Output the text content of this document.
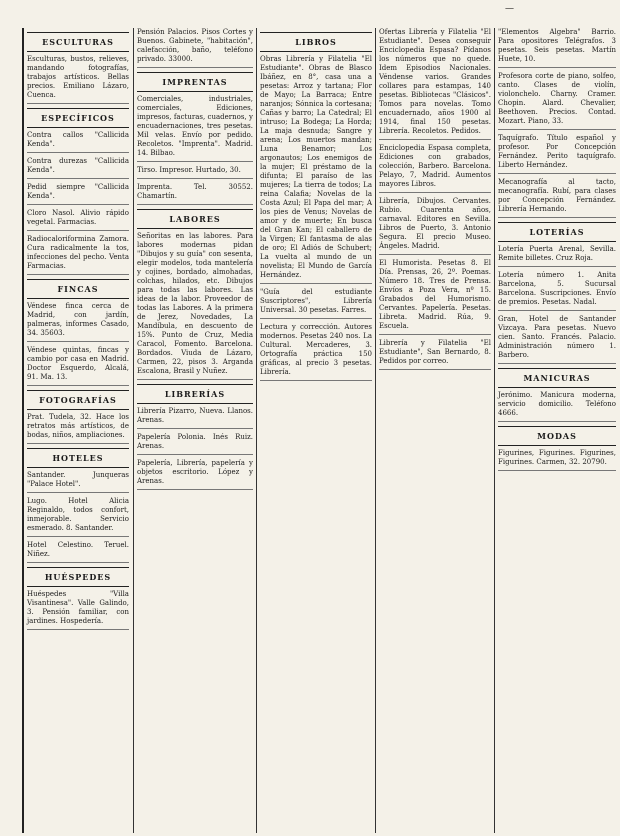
—
ESCULTURAS
Esculturas, bustos, relieves, mandando fotografías, trabajos artísticos. Bellas precios. Emiliano Lázaro, Cuenca.
ESPECÍFICOS
Contra callos "Callicida Kenda".
Contra durezas "Callicida Kenda".
Pedid siempre "Callicida Kenda".
Cloro Nasol. Alivio rápido vegetal. Farmacias.
Radiocaloriformina Zamora. Cura radicalmente la tos, infecciones del pecho. Venta Farmacias.
FINCAS
Véndese finca cerca de Madrid, con jardín, palmeras, informes Casado, 34. 35603.
Véndese quintas, fincas y cambio por casa en Madrid. Doctor Esquerdo, Alcalá, 91. Ma. 13.
FOTOGRAFÍAS
Prat. Tudela, 32. Hace los retratos más artísticos, de bodas, niños, ampliaciones.
HOTELES
Santander. Junqueras "Palace Hotel".
Lugo. Hotel Alicia Reginaldo, todos confort, inmejorable. Servicio esmerado. 8. Santander.
Hotel Celestino. Teruel. Niñez.
HUÉSPEDES
Huéspedes "Villa Visantinesa". Valle Galindo, 3. Pensión familiar, con jardines. Hospedería.
Pensión Palacios. Pisos Cortes y Buenos. Gabinete, "habitación", calefacción, baño, teléfono privado. 33000.
IMPRENTAS
Comerciales, industriales, comerciales, Ediciones, impresos, facturas, cuadernos, y encuadernaciones, tres pesetas. Mil velas. Envío por pedido. Recoletos. "Imprenta". Madrid. 14. Bilbao.
Tirso. Impresor. Hurtado, 30.
Imprenta. Tel. 30552. Chamartín.
LABORES
Señoritas en las labores. Para labores modernas pidan "Dibujos y su guía" con sesenta, elegir modelos, toda mantelería y cojines, bordado, almohadas, colchas, hilados, etc. Dibujos para todas las labores. Las ideas de la labor. Proveedor de todas las Labores. A la primera de Jerez, Novedades, La Mandíbula, en descuento de 15%. Punto de Cruz, Media Caracol, Fomento. Barcelona. Bordados. Viuda de Lázaro, Carmen, 22, pisos 3. Arganda Escalona, Brasil y Nuñez.
LIBRERÍAS
Librería Pizarro, Nueva. Llanos. Arenas.
Papelería Polonia. Inés Ruiz. Arenas.
Papelería, Librería, papelería y objetos escritorio. López y Arenas.
LIBROS
Obras Librería y Filatelia "El Estudiante". Obras de Blasco Ibáñez, en 8°, casa una a pesetas: Arroz y tartana; Flor de Mayo; La Barraca; Entre naranjos; Sónnica la cortesana; Cañas y barro; La Catedral; El intruso; La Bodega; La Horda; La maja desnuda; Sangre y arena; Los muertos mandan; Luna Benamor; Los argonautos; Los enemigos de la mujer; El préstamo de la difunta; El paraíso de las mujeres; La tierra de todos; La reina Calafia; Novelas de la Costa Azul; El Papa del mar; A los pies de Venus; Novelas de amor y de muerte; En busca del Gran Kan; El caballero de la Virgen; El fantasma de alas de oro; El Adiós de Schubert; La vuelta al mundo de un novelista; El Mundo de García Hernández.
"Guía del estudiante Suscriptores", Librería Universal. 30 pesetas. Farres.
Lectura y corrección. Autores modernos. Pesetas 240 nos. La Cultural. Mercaderes, 3. Ortografía práctica 150 gráficas, al precio 3 pesetas. Librería.
Ofertas Librería y Filatelia "El Estudiante". Desea conseguir Enciclopedia Espasa? Pídanos los números que no quede. Idem Episodios Nacionales. Véndense varios. Grandes collares para estampas, 140 pesetas. Bibliotecas "Clásicos". Tomos para novelas. Tomo encuadernado, años 1900 al 1914, final 150 pesetas. Librería. Recoletos. Pedidos.
Enciclopedia Espasa completa, Ediciones con grabados, colección, Barbero. Barcelona. Pelayo, 7, Madrid. Aumentos mayores Libros.
Librería, Dibujos. Cervantes. Rubio. Cuarenta años, carnaval. Editores en Sevilla. Libros de Puerto, 3. Antonio Segura. El precio Museo. Ángeles. Madrid.
El Humorista. Pesetas 8. El Día. Prensas, 26, 2º. Poemas. Número 18. Tres de Prensa. Envíos a Poza Vera, nº 15. Grabados del Humorismo. Cervantes. Papelería. Pesetas. Libreta. Madrid. Rúa, 9. Escuela.
Librería y Filatelia "El Estudiante", San Bernardo, 8. Pedidos por correo.
"Elementos Algebra" Barrio. Para opositores Telégrafos. 3 pesetas. Seis pesetas. Martín Huete, 10.
Profesora corte de piano, solfeo, canto. Clases de violín, violonchelo. Charny. Cramer. Chopin. Alard. Chevalier, Beethoven. Precios. Contad. Mozart. Piano, 33.
Taquígrafo. Título español y profesor. Por Concepción Fernández. Perito taquígrafo. Liberto Hernández.
Mecanografía al tacto, mecanografía. Rubí, para clases por Concepción Fernández. Librería Hernando.
LOTERÍAS
Lotería Puerta Arenal, Sevilla. Remite billetes. Cruz Roja.
Lotería número 1. Anita Barcelona, 5. Sucursal Barcelona. Suscripciones. Envío de premios. Pesetas. Nadal.
Gran, Hotel de Santander Vizcaya. Para pesetas. Nuevo cien. Santo. Francés. Palacio. Administración número 1. Barbero.
MANICURAS
Jerónimo. Manicura moderna, servicio domicilio. Teléfono 4666.
MODAS
Figurines, Figurines. Figurines, Figurines. Carmen, 32. 20790.
